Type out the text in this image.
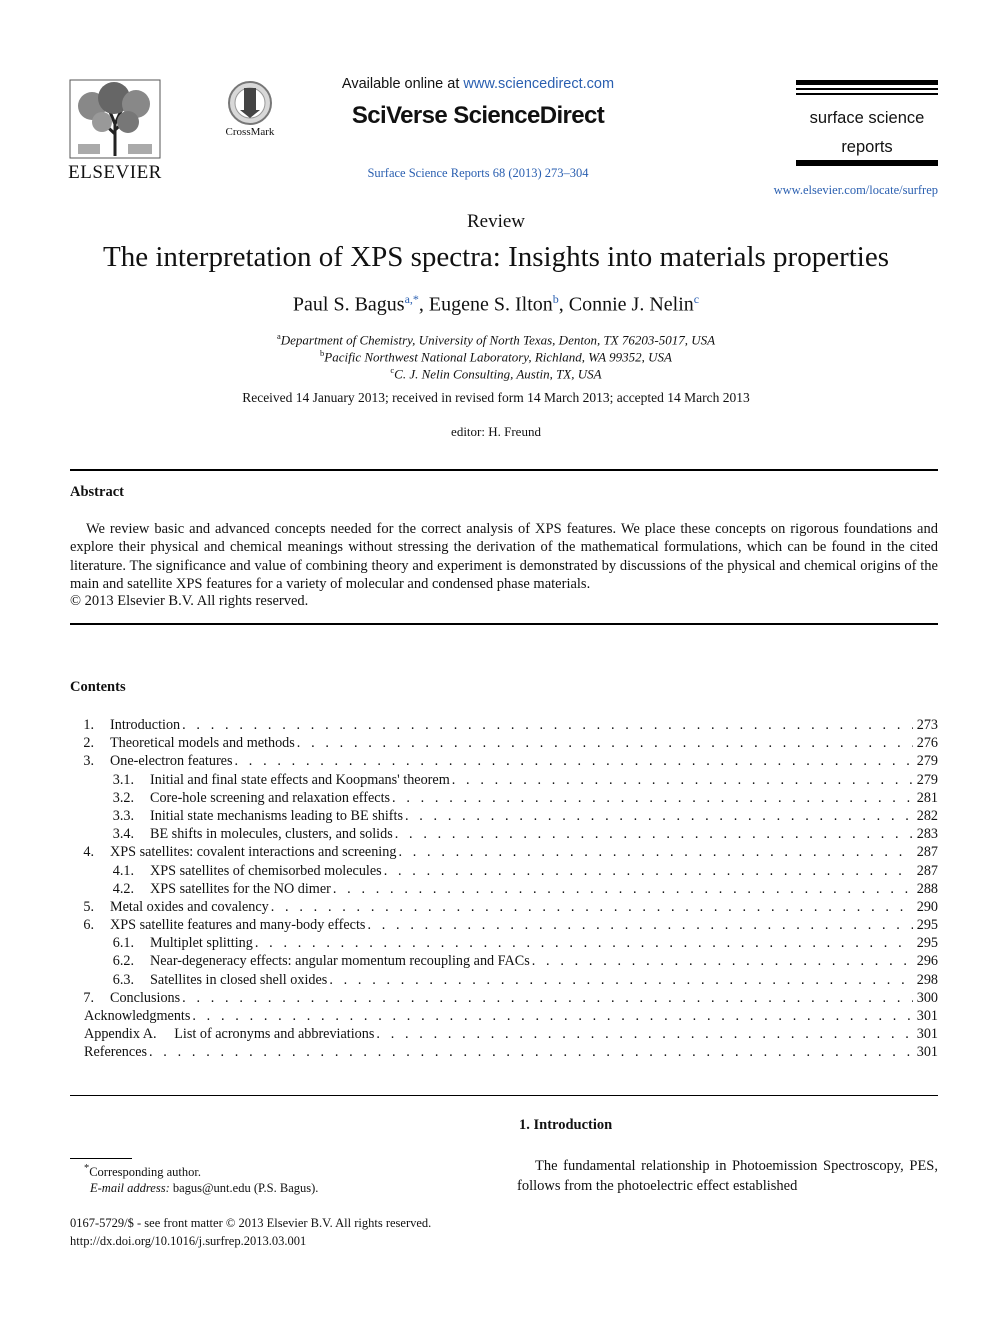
ELSEVIER
CrossMark
Available online at www.sciencedirect.com
SciVerse ScienceDirect
Surface Science Reports 68 (2013) 273–304
surface science
reports
www.elsevier.com/locate/surfrep
Review
The interpretation of XPS spectra: Insights into materials properties
Paul S. Bagus$^{a,*}$, Eugene S. Ilton$^b$, Connie J. Nelin$^c$
$^a$Department of Chemistry, University of North Texas, Denton, TX 76203-5017, USA
$^b$Pacific Northwest National Laboratory, Richland, WA 99352, USA
$^c$C. J. Nelin Consulting, Austin, TX, USA
Received 14 January 2013; received in revised form 14 March 2013; accepted 14 March 2013
editor: H. Freund
Abstract
We review basic and advanced concepts needed for the correct analysis of XPS features. We place these concepts on rigorous foundations and explore their physical and chemical meanings without stressing the derivation of the mathematical formulations, which can be found in the cited literature. The significance and value of combining theory and experiment is demonstrated by discussions of the physical and chemical origins of the main and satellite XPS features for a variety of molecular and condensed phase materials.
© 2013 Elsevier B.V. All rights reserved.
Contents
1. Introduction . . .	273
2. Theoretical models and methods . . .	276
3. One-electron features . . .	279
3.1. Initial and final state effects and Koopmans' theorem . . .	279
3.2. Core-hole screening and relaxation effects . . .	281
3.3. Initial state mechanisms leading to BE shifts . . .	282
3.4. BE shifts in molecules, clusters, and solids . . .	283
4. XPS satellites: covalent interactions and screening . . .	287
4.1. XPS satellites of chemisorbed molecules . . .	287
4.2. XPS satellites for the NO dimer . . .	288
5. Metal oxides and covalency . . .	290
6. XPS satellite features and many-body effects . . .	295
6.1. Multiplet splitting . . .	295
6.2. Near-degeneracy effects: angular momentum recoupling and FACs . . .	296
6.3. Satellites in closed shell oxides . . .	298
7. Conclusions . . .	300
Acknowledgments . . .	301
Appendix A.     List of acronyms and abbreviations . . .	301
References . . .	301
1. Introduction
The fundamental relationship in Photoemission Spectroscopy, PES, follows from the photoelectric effect established
*Corresponding author.
E-mail address: bagus@unt.edu (P.S. Bagus).
0167-5729/$ - see front matter © 2013 Elsevier B.V. All rights reserved.
http://dx.doi.org/10.1016/j.surfrep.2013.03.001
